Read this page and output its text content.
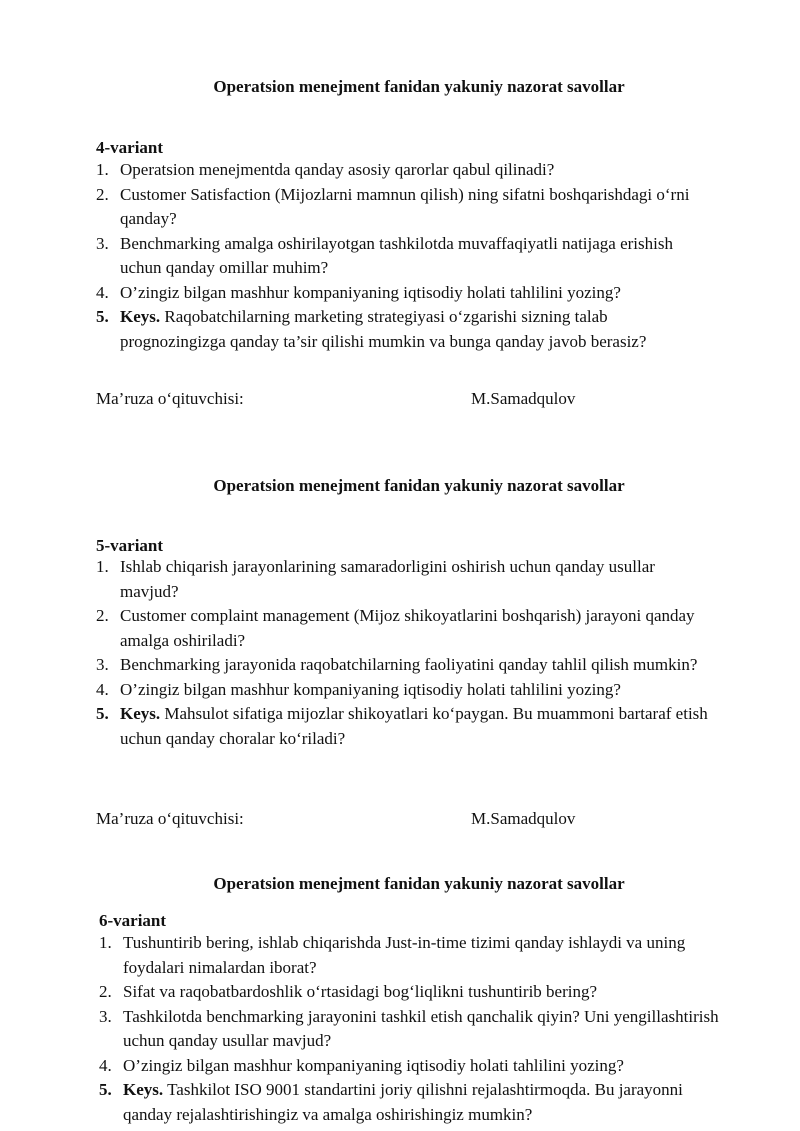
Operatsion menejment fanidan yakuniy nazorat savollar
4-variant
1. Operatsion menejmentda qanday asosiy qarorlar qabul qilinadi?
2. Customer Satisfaction (Mijozlarni mamnun qilish) ning sifatni boshqarishdagi o‘rni qanday?
3. Benchmarking amalga oshirilayotgan tashkilotda muvaffaqiyatli natijaga erishish uchun qanday omillar muhim?
4. O’zingiz bilgan mashhur kompaniyaning iqtisodiy holati tahlilini yozing?
5. Keys. Raqobatchilarning marketing strategiyasi o‘zgarishi sizning talab prognozingizga qanday ta’sir qilishi mumkin va bunga qanday javob berasiz?
Ma’ruza o‘qituvchisi:	M.Samadqulov
Operatsion menejment fanidan yakuniy nazorat savollar
5-variant
1. Ishlab chiqarish jarayonlarining samaradorligini oshirish uchun qanday usullar mavjud?
2. Customer complaint management (Mijoz shikoyatlarini boshqarish) jarayoni qanday amalga oshiriladi?
3. Benchmarking jarayonida raqobatchilarning faoliyatini qanday tahlil qilish mumkin?
4. O’zingiz bilgan mashhur kompaniyaning iqtisodiy holati tahlilini yozing?
5. Keys. Mahsulot sifatiga mijozlar shikoyatlari ko‘paygan. Bu muammoni bartaraf etish uchun qanday choralar ko‘riladi?
Ma’ruza o‘qituvchisi:	M.Samadqulov
Operatsion menejment fanidan yakuniy nazorat savollar
6-variant
1. Tushuntirib bering, ishlab chiqarishda Just-in-time tizimi qanday ishlaydi va uning foydalari nimalardan iborat?
2. Sifat va raqobatbardoshlik o‘rtasidagi bog‘liqlikni tushuntirib bering?
3. Tashkilotda benchmarking jarayonini tashkil etish qanchalik qiyin? Uni yengillashtirish uchun qanday usullar mavjud?
4. O’zingiz bilgan mashhur kompaniyaning iqtisodiy holati tahlilini yozing?
5. Keys. Tashkilot ISO 9001 standartini joriy qilishni rejalashtirmoqda. Bu jarayonni qanday rejalashtirishingiz va amalga oshirishingiz mumkin?
